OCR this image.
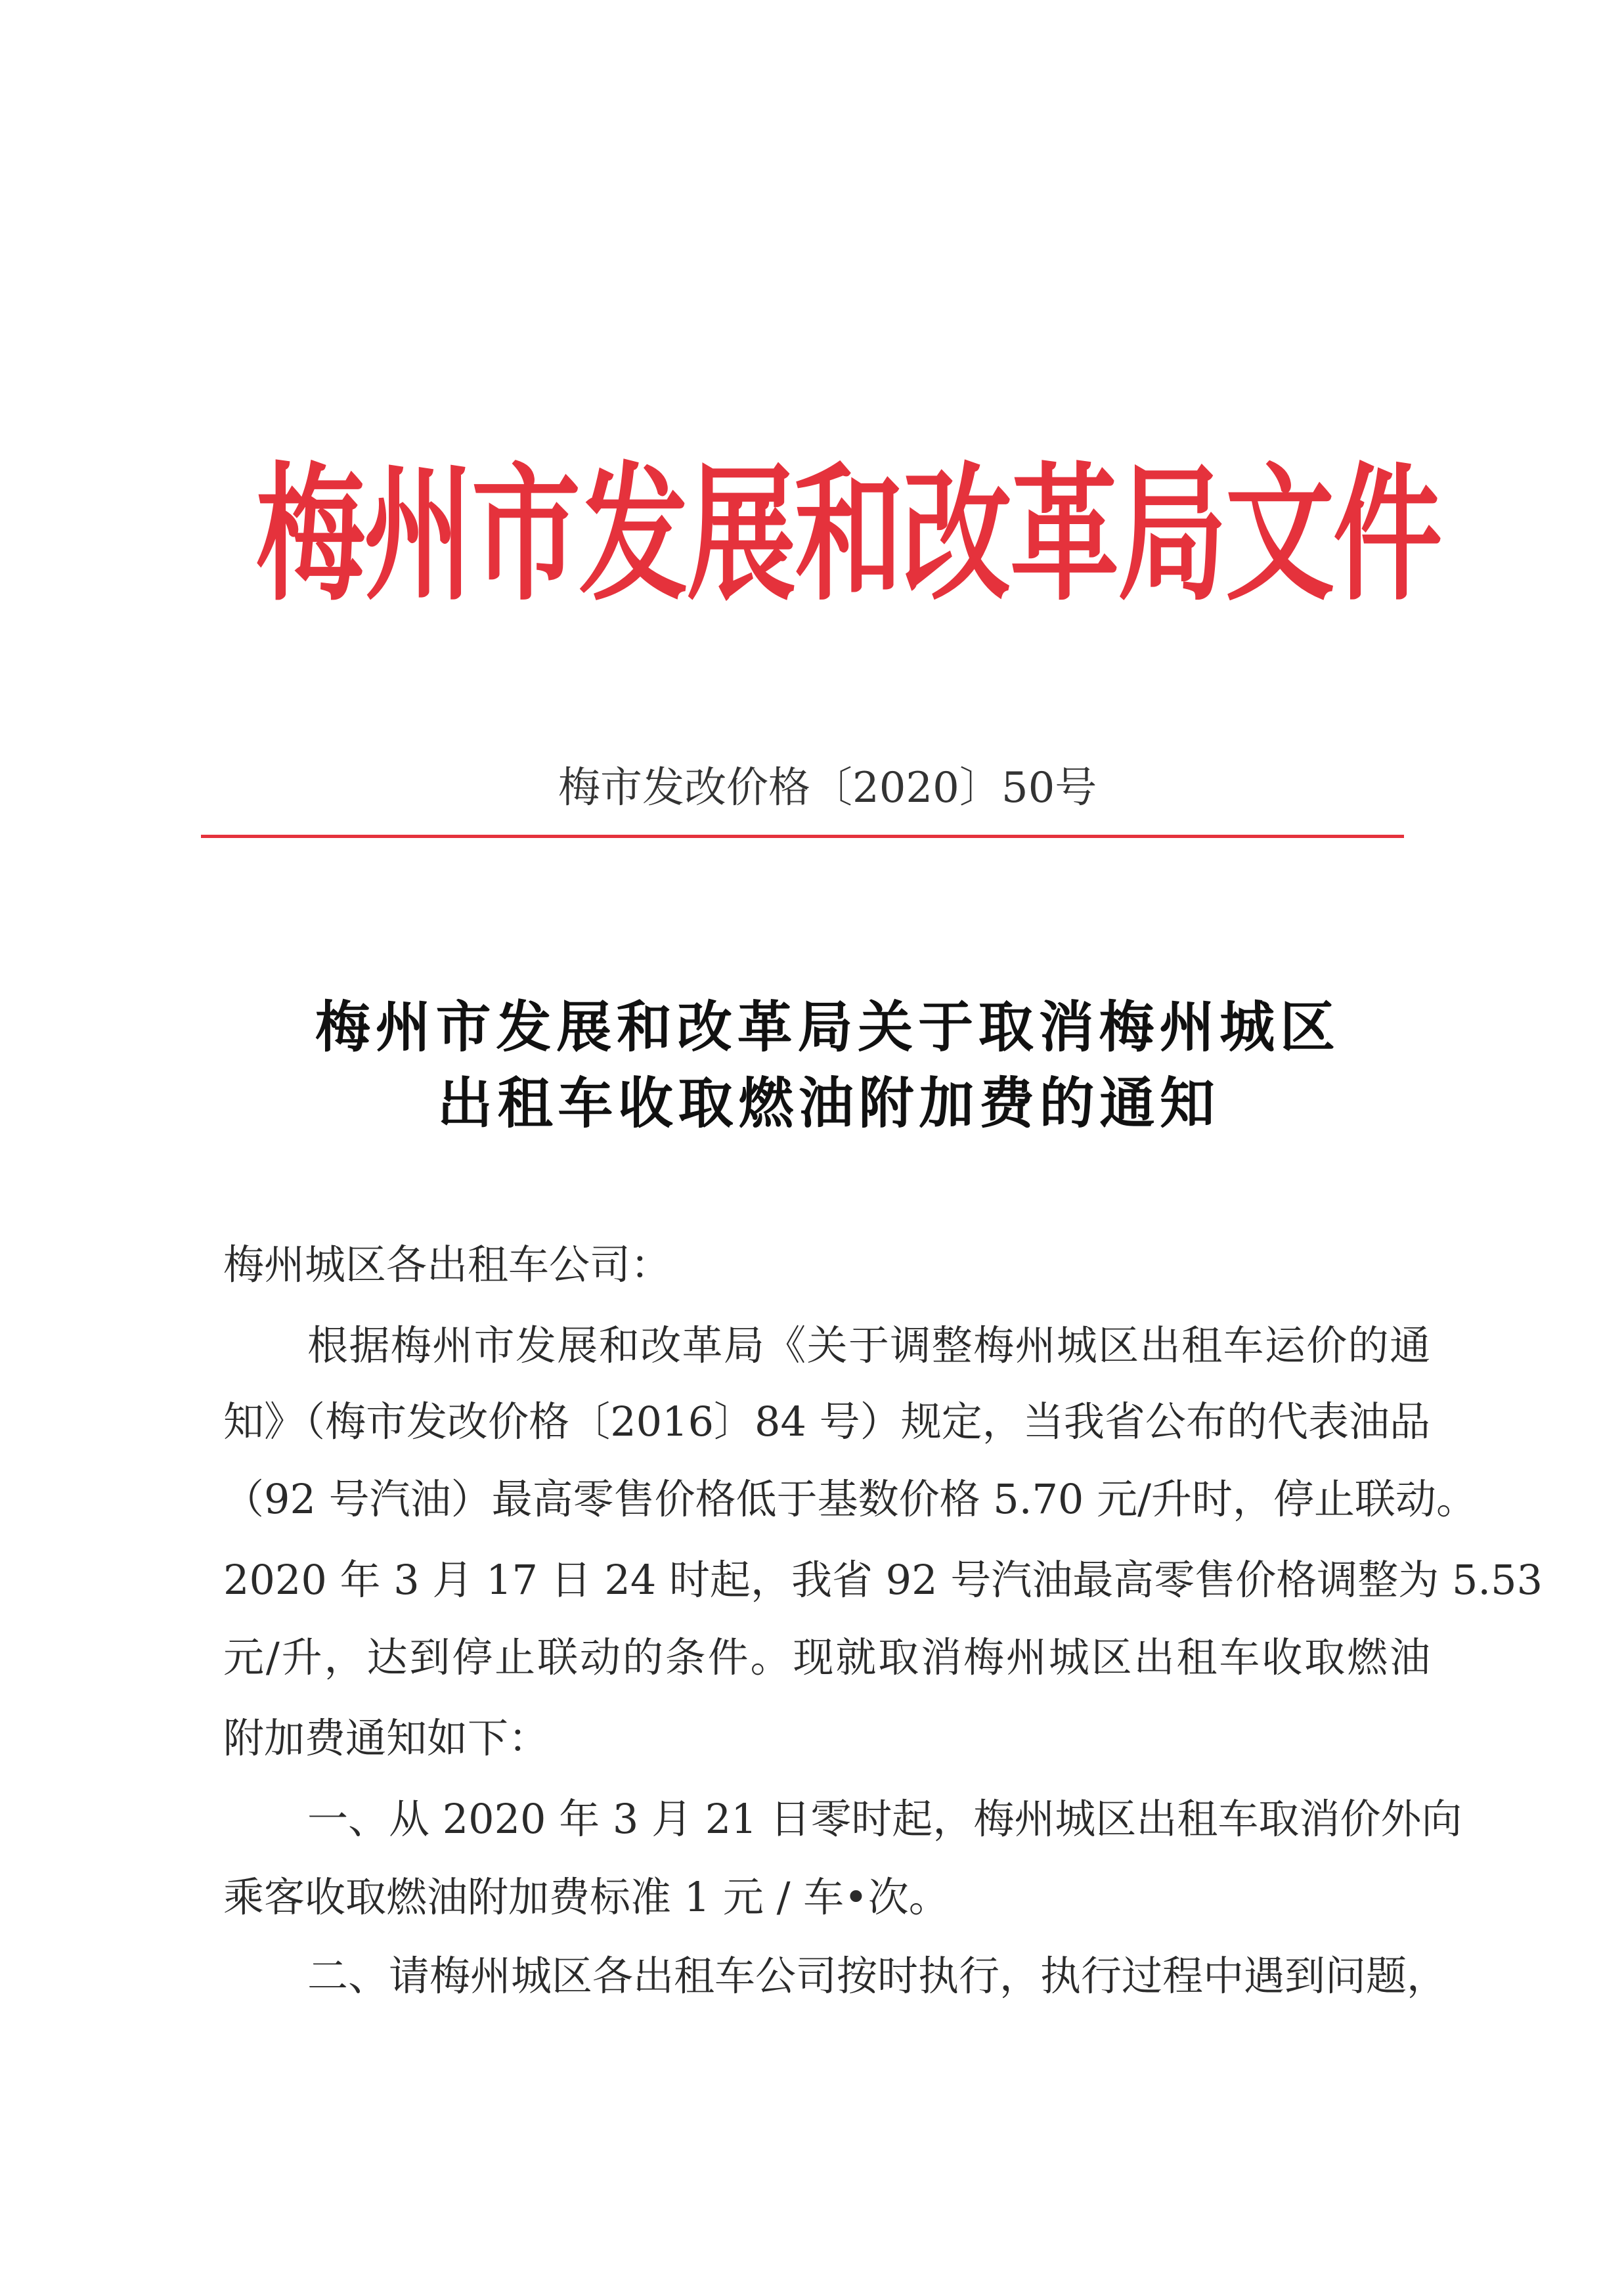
梅州市发展和改革局文件
梅市发改价格〔2020〕50号
梅州市发展和改革局关于取消梅州城区
出租车收取燃油附加费的通知
梅州城区各出租车公司：
根据梅州市发展和改革局《关于调整梅州城区出租车运价的通
知》（梅市发改价格〔2016〕84 号）规定，当我省公布的代表油品
（92 号汽油）最高零售价格低于基数价格 5.70 元/升时，停止联动。
2020 年 3 月 17 日 24 时起，我省 92 号汽油最高零售价格调整为 5.53
元/升，达到停止联动的条件。现就取消梅州城区出租车收取燃油
附加费通知如下：
一、从 2020 年 3 月 21 日零时起，梅州城区出租车取消价外向
乘客收取燃油附加费标准 1 元 / 车•次。
二、请梅州城区各出租车公司按时执行，执行过程中遇到问题，
